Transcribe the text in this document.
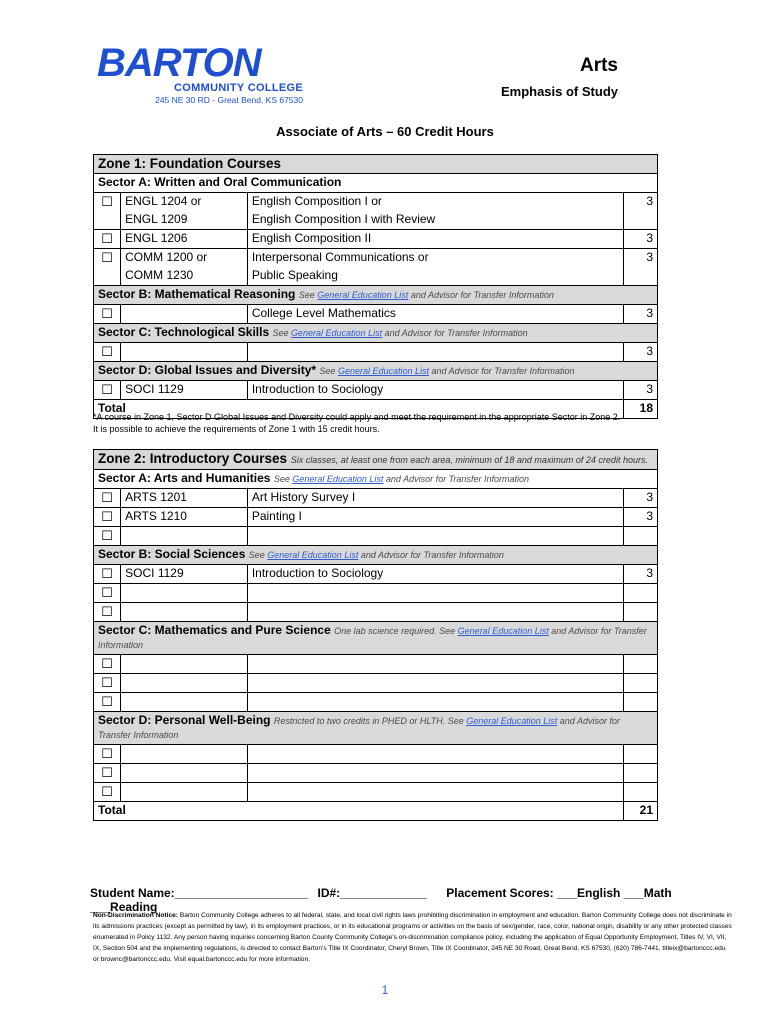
BARTON
COMMUNITY COLLEGE
245 NE 30 RD - Great Bend, KS 67530
Arts
Emphasis of Study
Associate of Arts – 60 Credit Hours
Zone 1: Foundation Courses			
Sector A: Written and Oral Communication			
☐	ENGL 1204 or	English Composition I or	3
	ENGL 1209	English Composition I with Review	
☐	ENGL 1206	English Composition II	3
☐	COMM 1200 or	Interpersonal Communications or	3
	COMM 1230	Public Speaking	
Sector B: Mathematical Reasoning See General Education List and Advisor for Transfer Information			
☐		College Level Mathematics	3
Sector C: Technological Skills See General Education List and Advisor for Transfer Information			
☐			3
Sector D: Global Issues and Diversity* See General Education List and Advisor for Transfer Information			
☐	SOCI 1129	Introduction to Sociology	3
Total			18
*A course in Zone 1, Sector D Global Issues and Diversity could apply and meet the requirement in the appropriate Sector in Zone 2.
It is possible to achieve the requirements of Zone 1 with 15 credit hours.
Zone 2: Introductory Courses Six classes, at least one from each area, minimum of 18 and maximum of 24 credit hours.			
Sector A: Arts and Humanities See General Education List and Advisor for Transfer Information			
☐	ARTS 1201	Art History Survey I	3
☐	ARTS 1210	Painting I	3
☐			
Sector B: Social Sciences See General Education List and Advisor for Transfer Information			
☐	SOCI 1129	Introduction to Sociology	3
☐			
☐			
Sector C: Mathematics and Pure Science One lab science required. See General Education List and Advisor for Transfer Information			
☐			
☐			
☐			
Sector D: Personal Well-Being Restricted to two credits in PHED or HLTH. See General Education List and Advisor for Transfer Information			
☐			
☐			
☐			
Total			21
Student Name:____________________ ID#:_____________ Placement Scores: ___English ___Math ___Reading
Non-Discrimination Notice: Barton Community College adheres to all federal, state, and local civil rights laws prohibiting discrimination in employment and education. Barton Community College does not discriminate in its admissions practices (except as permitted by law), in its employment practices, or in its educational programs or activities on the basis of sex/gender, race, color, national origin, disability or any other protected classes enumerated in Policy 1132. Any person having inquiries concerning Barton County Community College's on-discrimination compliance policy, including the application of Equal Opportunity Employment, Titles IV, VI, VII, IX, Section 504 and the implementing regulations, is directed to contact Barton's Title IX Coordinator, Cheryl Brown, Title IX Coordinator, 245 NE 30 Road, Great Bend, KS 67530, (620) 786-7441, titleix@bartonccc.edu or brownc@bartonccc.edu. Visit equal.bartonccc.edu for more information.
1
